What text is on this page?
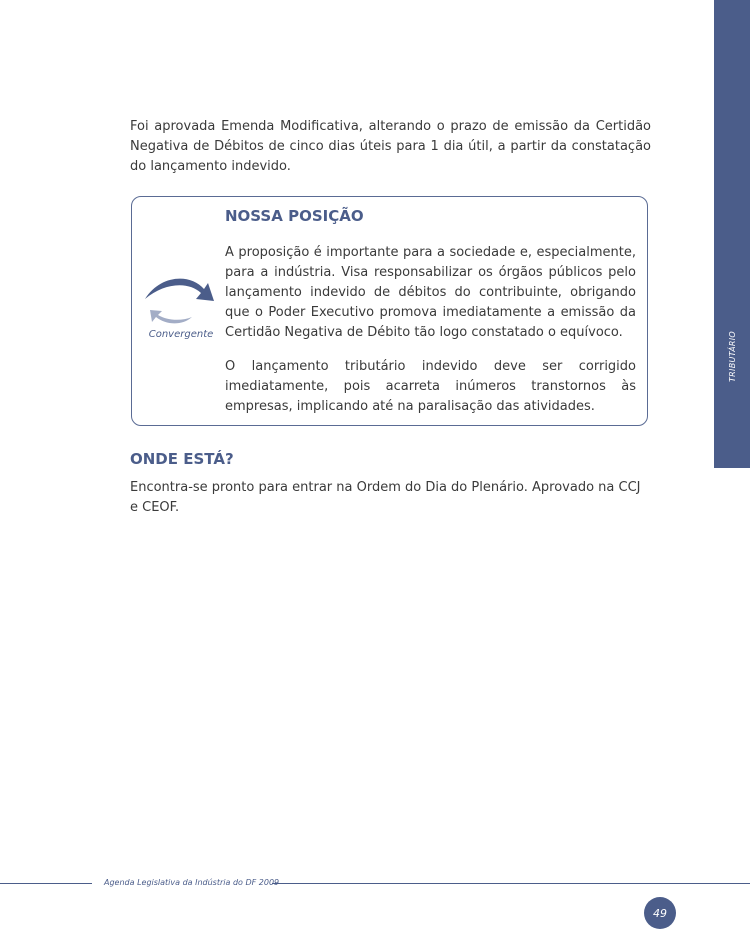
TRIBUTÁRIO

Foi aprovada Emenda Modificativa, alterando o prazo de emissão da Certidão Negativa de Débitos de cinco dias úteis para 1 dia útil, a partir da constatação do lançamento indevido.

Convergente
NOSSA POSIÇÃO

A proposição é importante para a sociedade e, especialmente, para a indústria. Visa responsabilizar os órgãos públicos pelo lançamento indevido de débitos do contribuinte, obrigando que o Poder Executivo promova imediatamente a emissão da Certidão Negativa de Débito tão logo constatado o equívoco.

O lançamento tributário indevido deve ser corrigido imediatamente, pois acarreta inúmeros transtornos às empresas, implicando até na paralisação das atividades.

ONDE ESTÁ?

Encontra-se pronto para entrar na Ordem do Dia do Plenário. Aprovado na CCJ e CEOF.

Agenda Legislativa da Indústria do DF 2009
49
